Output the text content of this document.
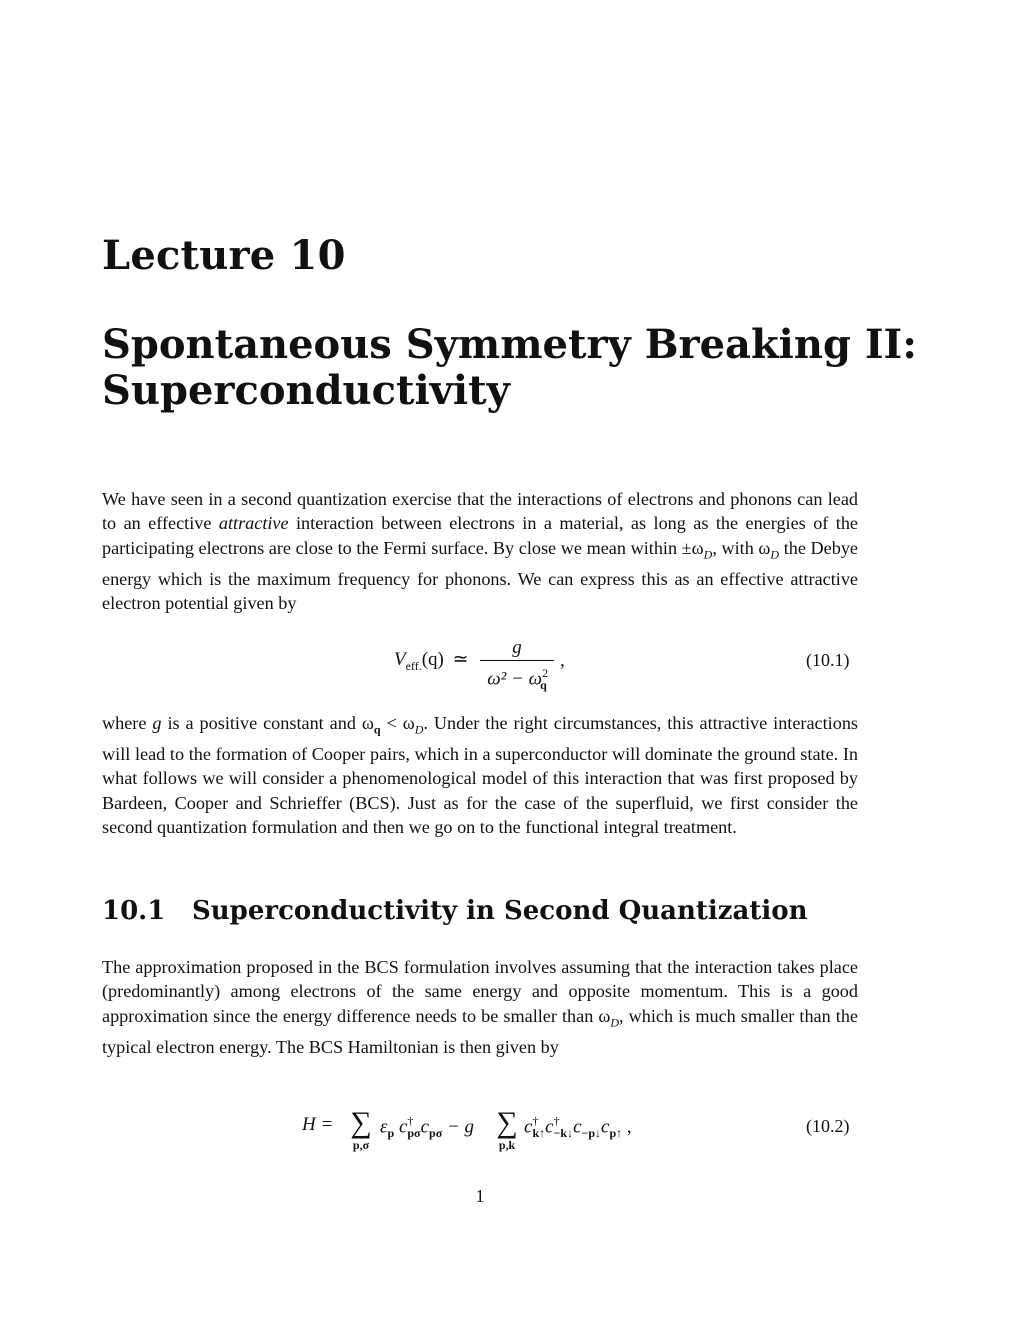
Lecture 10
Spontaneous Symmetry Breaking II:
Superconductivity
We have seen in a second quantization exercise that the interactions of electrons and phonons can lead to an effective attractive interaction between electrons in a material, as long as the energies of the participating electrons are close to the Fermi surface. By close we mean within $\pm\omega_D$, with $\omega_D$ the Debye energy which is the maximum frequency for phonons. We can express this as an effective attractive electron potential given by
$V_{eff.}(q)$ ≃ $\frac{g}{\omega^2 - \omega^2_q}$ ,	(10.1)
where g is a positive constant and $\omega_q < \omega_D$. Under the right circumstances, this attractive interactions will lead to the formation of Cooper pairs, which in a superconductor will dominate the ground state. In what follows we will consider a phenomenological model of this interaction that was first proposed by Bardeen, Cooper and Schrieffer (BCS). Just as for the case of the superfluid, we first consider the second quantization formulation and then we go on to the functional integral treatment.
10.1 Superconductivity in Second Quantization
The approximation proposed in the BCS formulation involves assuming that the interaction takes place (predominantly) among electrons of the same energy and opposite momentum. This is a good approximation since the energy difference needs to be smaller than $\omega_D$, which is much smaller than the typical electron energy. The BCS Hamiltonian is then given by
H = ∑
p,σ
$\varepsilon_p$ $c^\dagger_{p\sigma}c_{p\sigma} - g$ ∑
p,k
$c^\dagger_{k↑}c^\dagger_{-k↓}c_{-p↓}c_{p↑}$ ,	(10.2)
1
